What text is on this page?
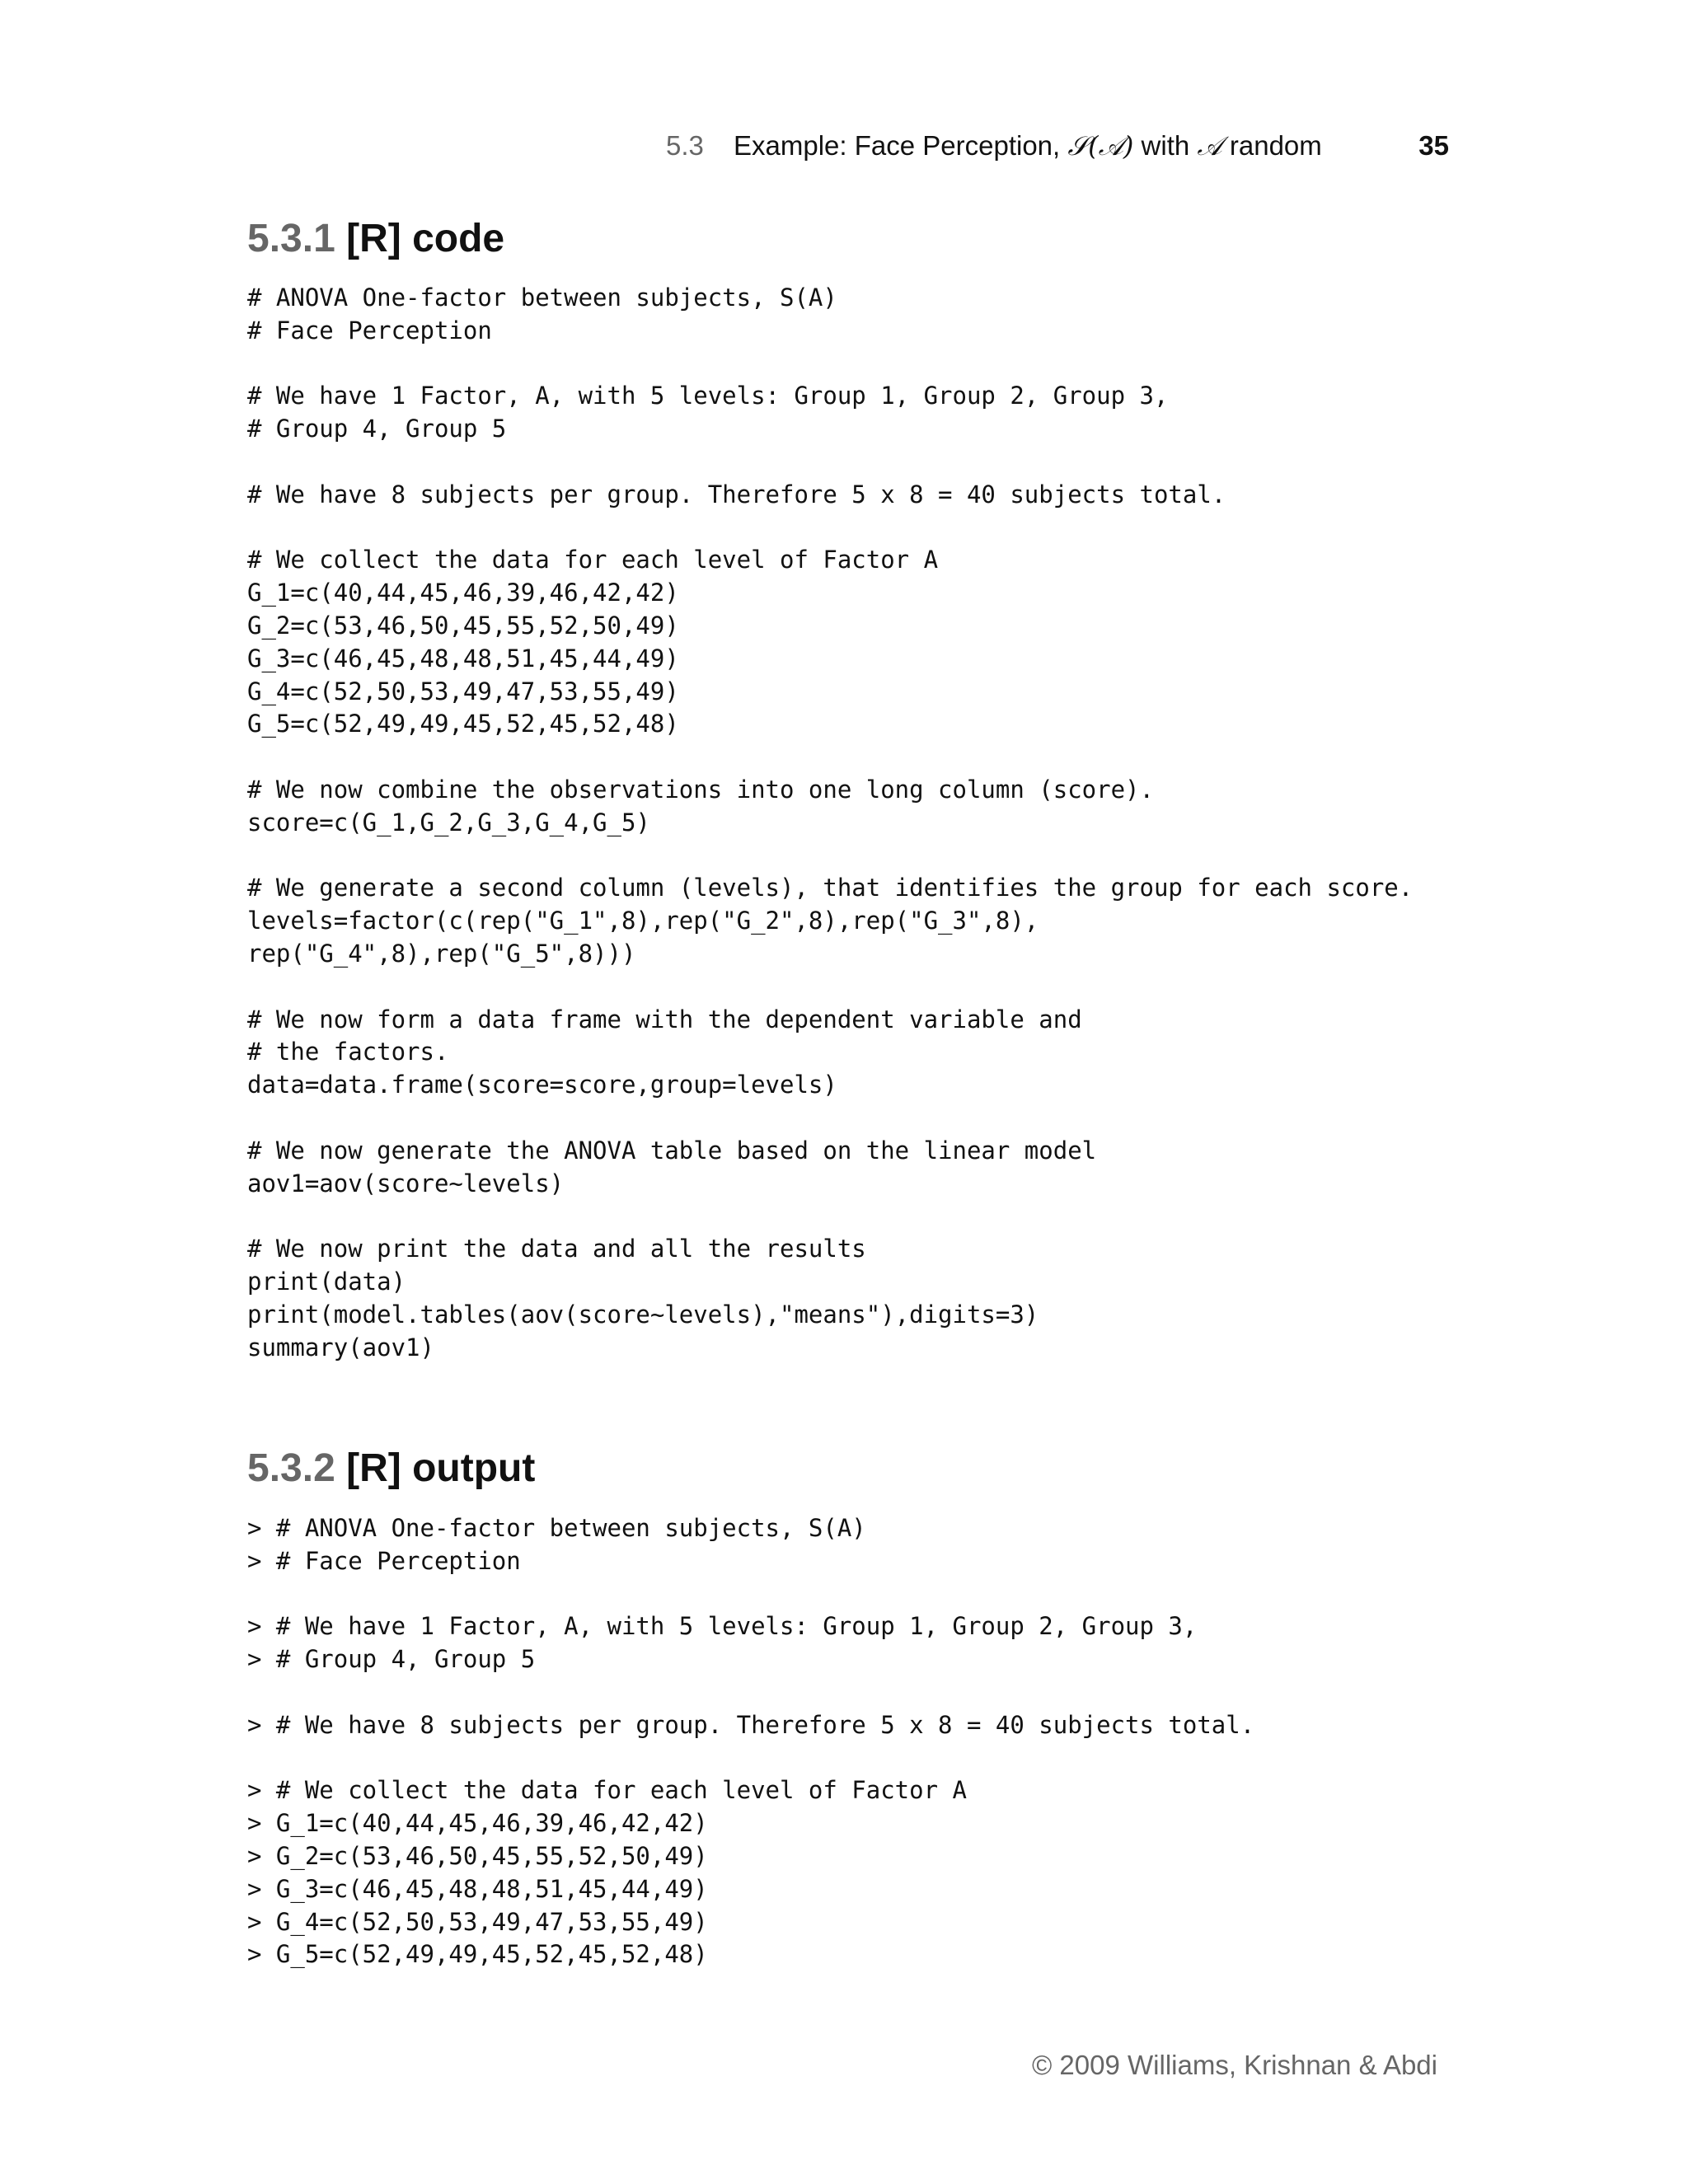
5.3 Example: Face Perception, 𝒮(𝒜) with 𝒜 random	35
5.3.1 [R] code
# ANOVA One-factor between subjects, S(A)
# Face Perception
# We have 1 Factor, A, with 5 levels: Group 1, Group 2, Group 3,
# Group 4, Group 5
# We have 8 subjects per group. Therefore 5 x 8 = 40 subjects total.
# We collect the data for each level of Factor A
G_1=c(40,44,45,46,39,46,42,42)
G_2=c(53,46,50,45,55,52,50,49)
G_3=c(46,45,48,48,51,45,44,49)
G_4=c(52,50,53,49,47,53,55,49)
G_5=c(52,49,49,45,52,45,52,48)
# We now combine the observations into one long column (score).
score=c(G_1,G_2,G_3,G_4,G_5)
# We generate a second column (levels), that identifies the group for each score.
levels=factor(c(rep("G_1",8),rep("G_2",8),rep("G_3",8),
rep("G_4",8),rep("G_5",8)))
# We now form a data frame with the dependent variable and
# the factors.
data=data.frame(score=score,group=levels)
# We now generate the ANOVA table based on the linear model
aov1=aov(score~levels)
# We now print the data and all the results
print(data)
print(model.tables(aov(score~levels),"means"),digits=3)
summary(aov1)
5.3.2 [R] output
> # ANOVA One-factor between subjects, S(A)
> # Face Perception
> # We have 1 Factor, A, with 5 levels: Group 1, Group 2, Group 3,
> # Group 4, Group 5
> # We have 8 subjects per group. Therefore 5 x 8 = 40 subjects total.
> # We collect the data for each level of Factor A
> G_1=c(40,44,45,46,39,46,42,42)
> G_2=c(53,46,50,45,55,52,50,49)
> G_3=c(46,45,48,48,51,45,44,49)
> G_4=c(52,50,53,49,47,53,55,49)
> G_5=c(52,49,49,45,52,45,52,48)
© 2009 Williams, Krishnan & Abdi
